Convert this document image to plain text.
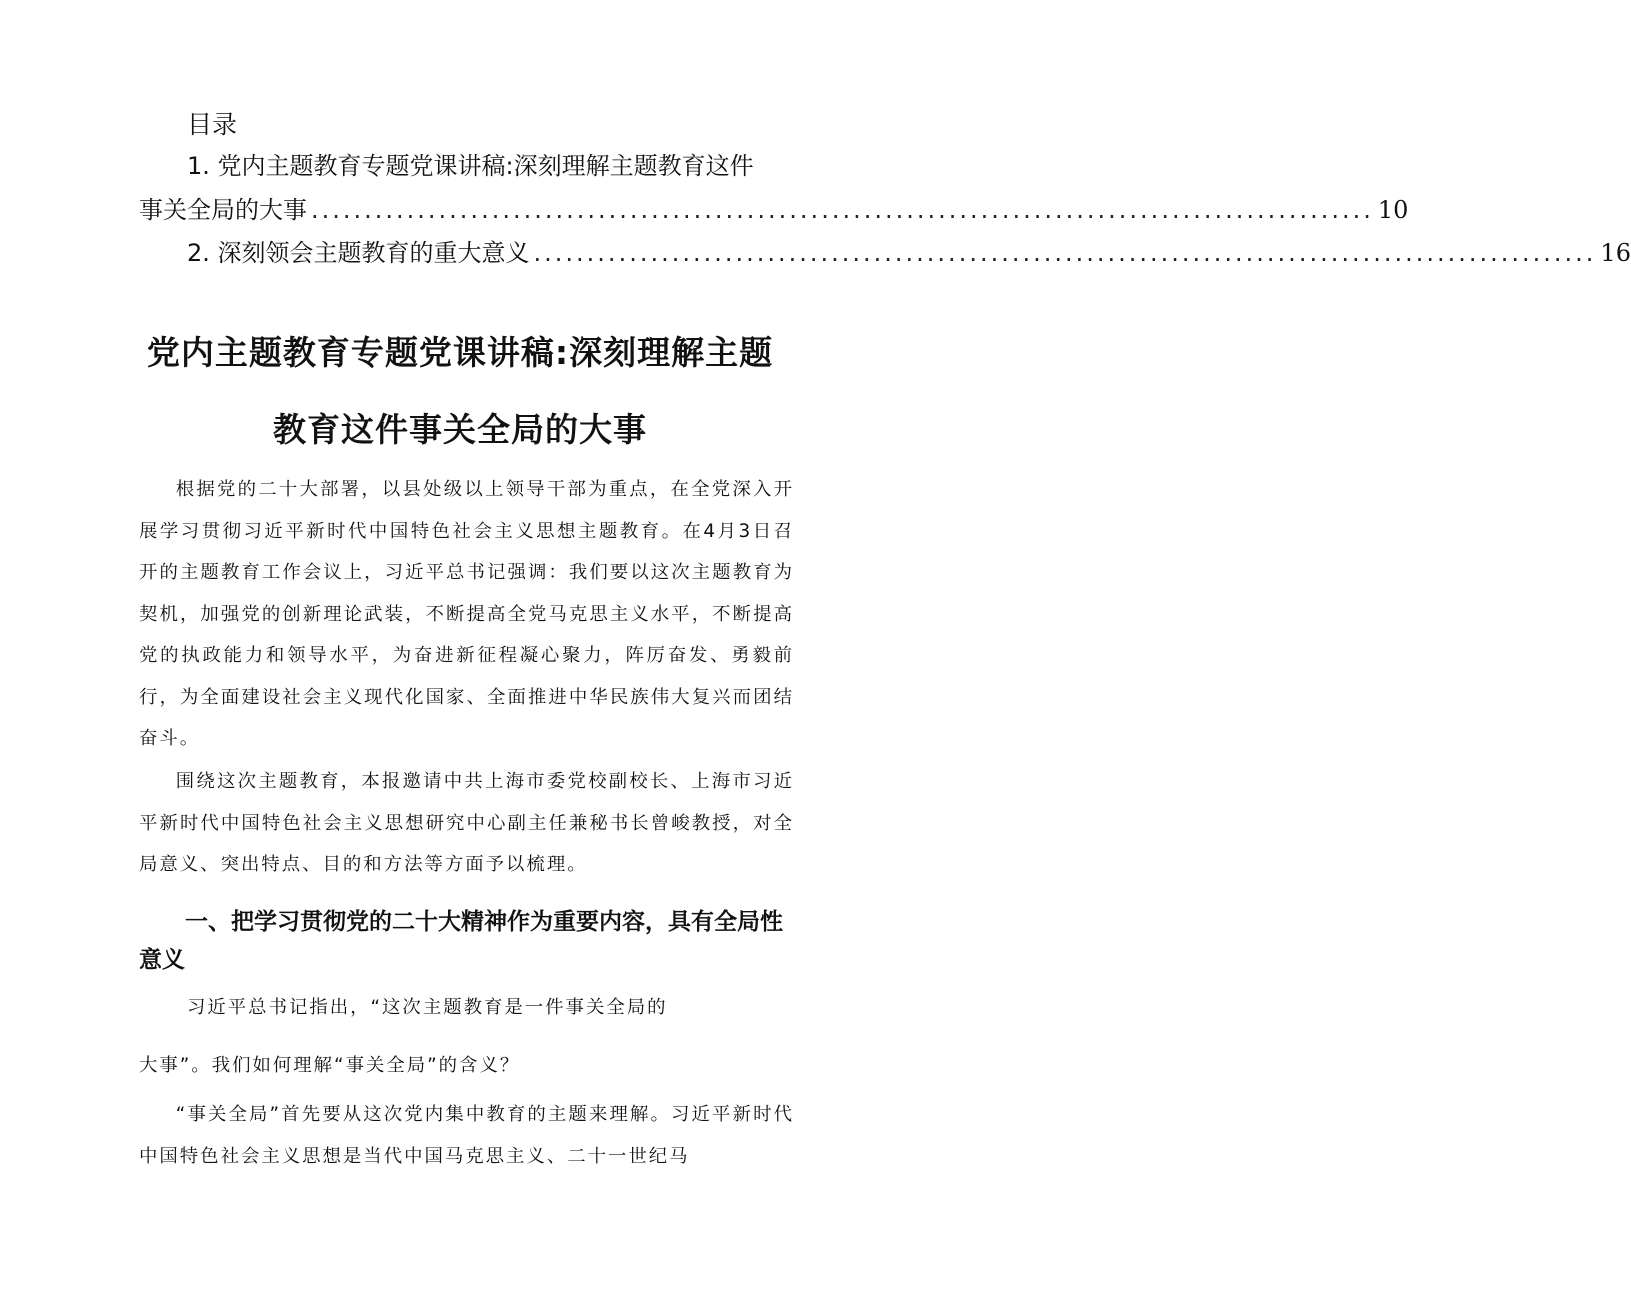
目录
1. 党内主题教育专题党课讲稿:深刻理解主题教育这件
事关全局的大事 .................................................................................................... 10
2. 深刻领会主题教育的重大意义 .................................................................................................... 16
党内主题教育专题党课讲稿:深刻理解主题
教育这件事关全局的大事

根据党的二十大部署，以县处级以上领导干部为重点，在全党深入开展学习贯彻习近平新时代中国特色社会主义思想主题教育。在4月3日召开的主题教育工作会议上，习近平总书记强调：我们要以这次主题教育为契机，加强党的创新理论武装，不断提高全党马克思主义水平，不断提高党的执政能力和领导水平，为奋进新征程凝心聚力，阵厉奋发、勇毅前行，为全面建设社会主义现代化国家、全面推进中华民族伟大复兴而团结奋斗。

围绕这次主题教育，本报邀请中共上海市委党校副校长、上海市习近平新时代中国特色社会主义思想研究中心副主任兼秘书长曾峻教授，对全局意义、突出特点、目的和方法等方面予以梳理。

一、把学习贯彻党的二十大精神作为重要内容，具有全局性意义

习近平总书记指出，“这次主题教育是一件事关全局的

大事”。我们如何理解“事关全局”的含义？

“事关全局”首先要从这次党内集中教育的主题来理解。习近平新时代中国特色社会主义思想是当代中国马克思主义、二十一世纪马
